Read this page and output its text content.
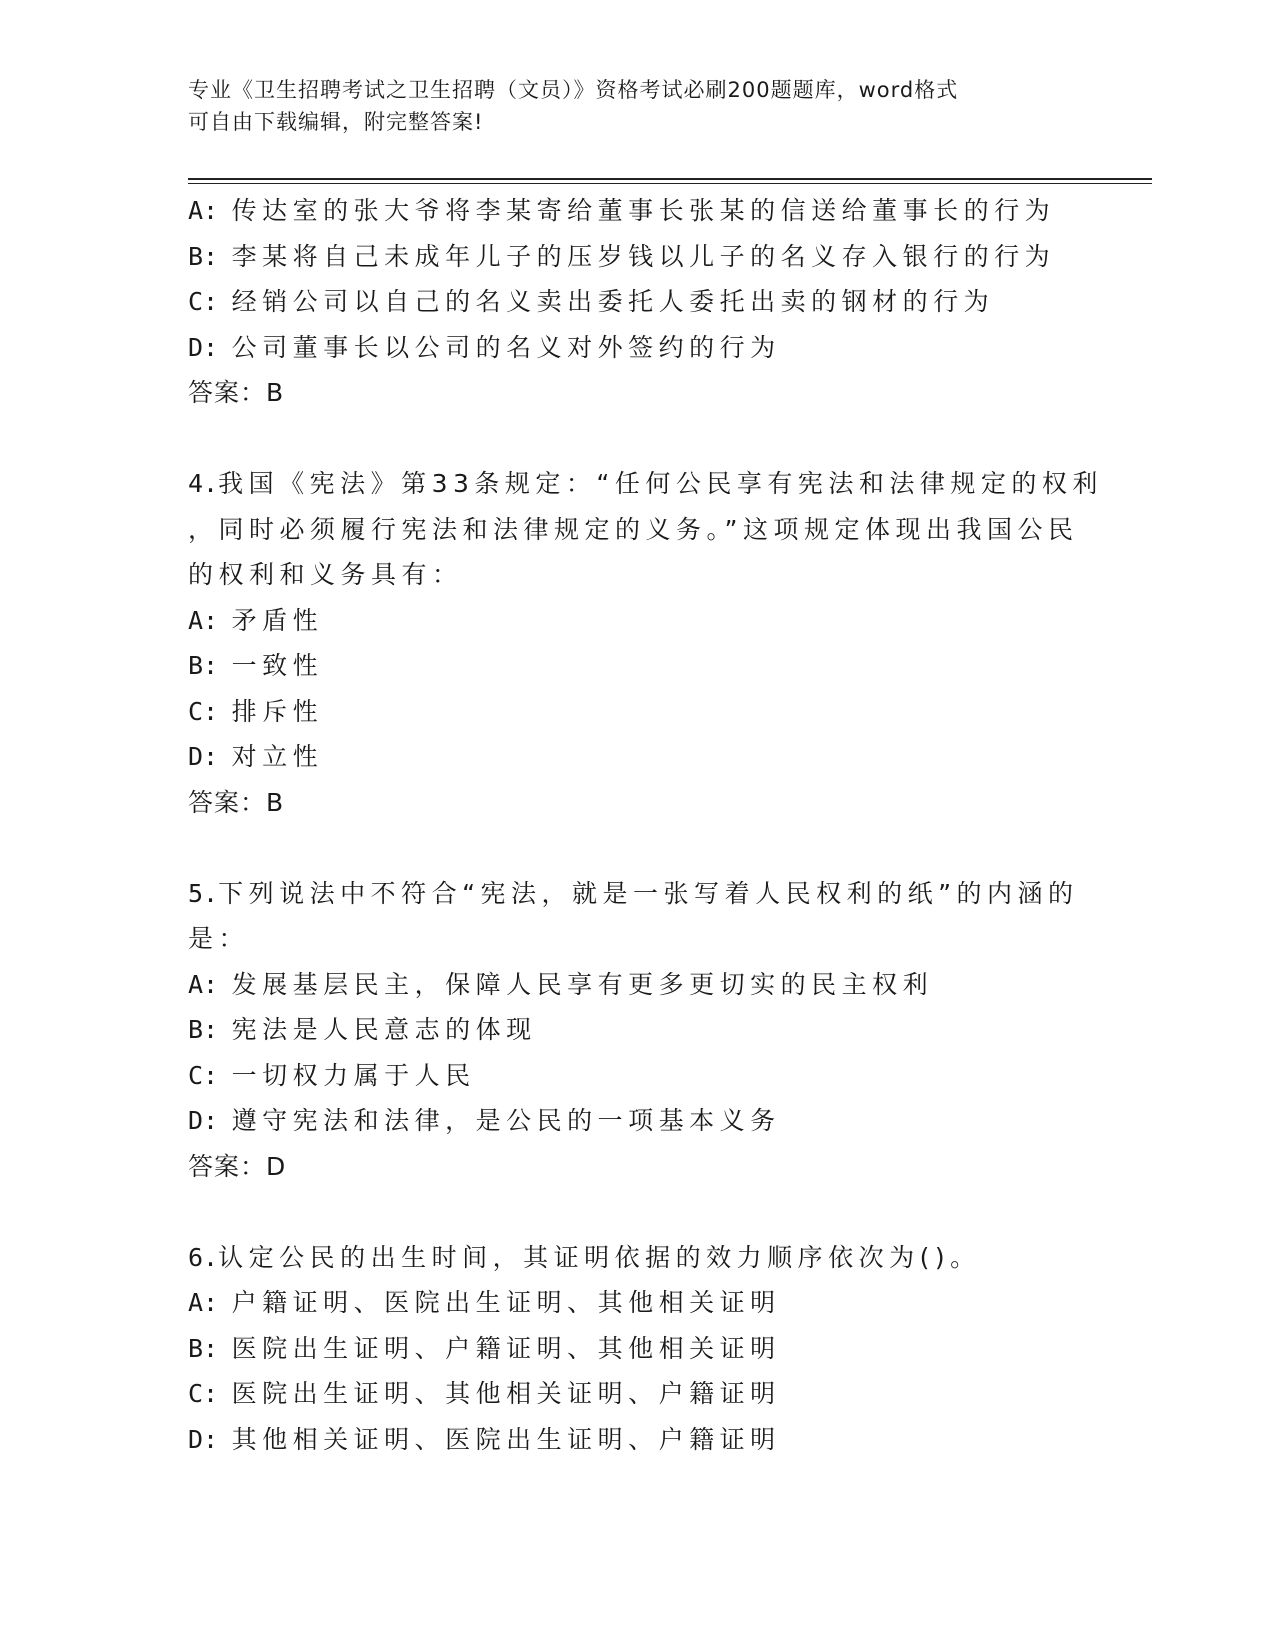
专业《卫生招聘考试之卫生招聘（文员）》资格考试必刷200题题库，word格式
可自由下载编辑，附完整答案!
A: 传达室的张大爷将李某寄给董事长张某的信送给董事长的行为
B: 李某将自己未成年儿子的压岁钱以儿子的名义存入银行的行为
C: 经销公司以自己的名义卖出委托人委托出卖的钢材的行为
D: 公司董事长以公司的名义对外签约的行为
答案：B
4.我国《宪法》第33条规定：“任何公民享有宪法和法律规定的权利
，同时必须履行宪法和法律规定的义务。”这项规定体现出我国公民
的权利和义务具有：
A: 矛盾性
B: 一致性
C: 排斥性
D: 对立性
答案：B
5.下列说法中不符合“宪法，就是一张写着人民权利的纸”的内涵的
是：
A: 发展基层民主，保障人民享有更多更切实的民主权利
B: 宪法是人民意志的体现
C: 一切权力属于人民
D: 遵守宪法和法律，是公民的一项基本义务
答案：D
6.认定公民的出生时间，其证明依据的效力顺序依次为()。
A: 户籍证明、医院出生证明、其他相关证明
B: 医院出生证明、户籍证明、其他相关证明
C: 医院出生证明、其他相关证明、户籍证明
D: 其他相关证明、医院出生证明、户籍证明
